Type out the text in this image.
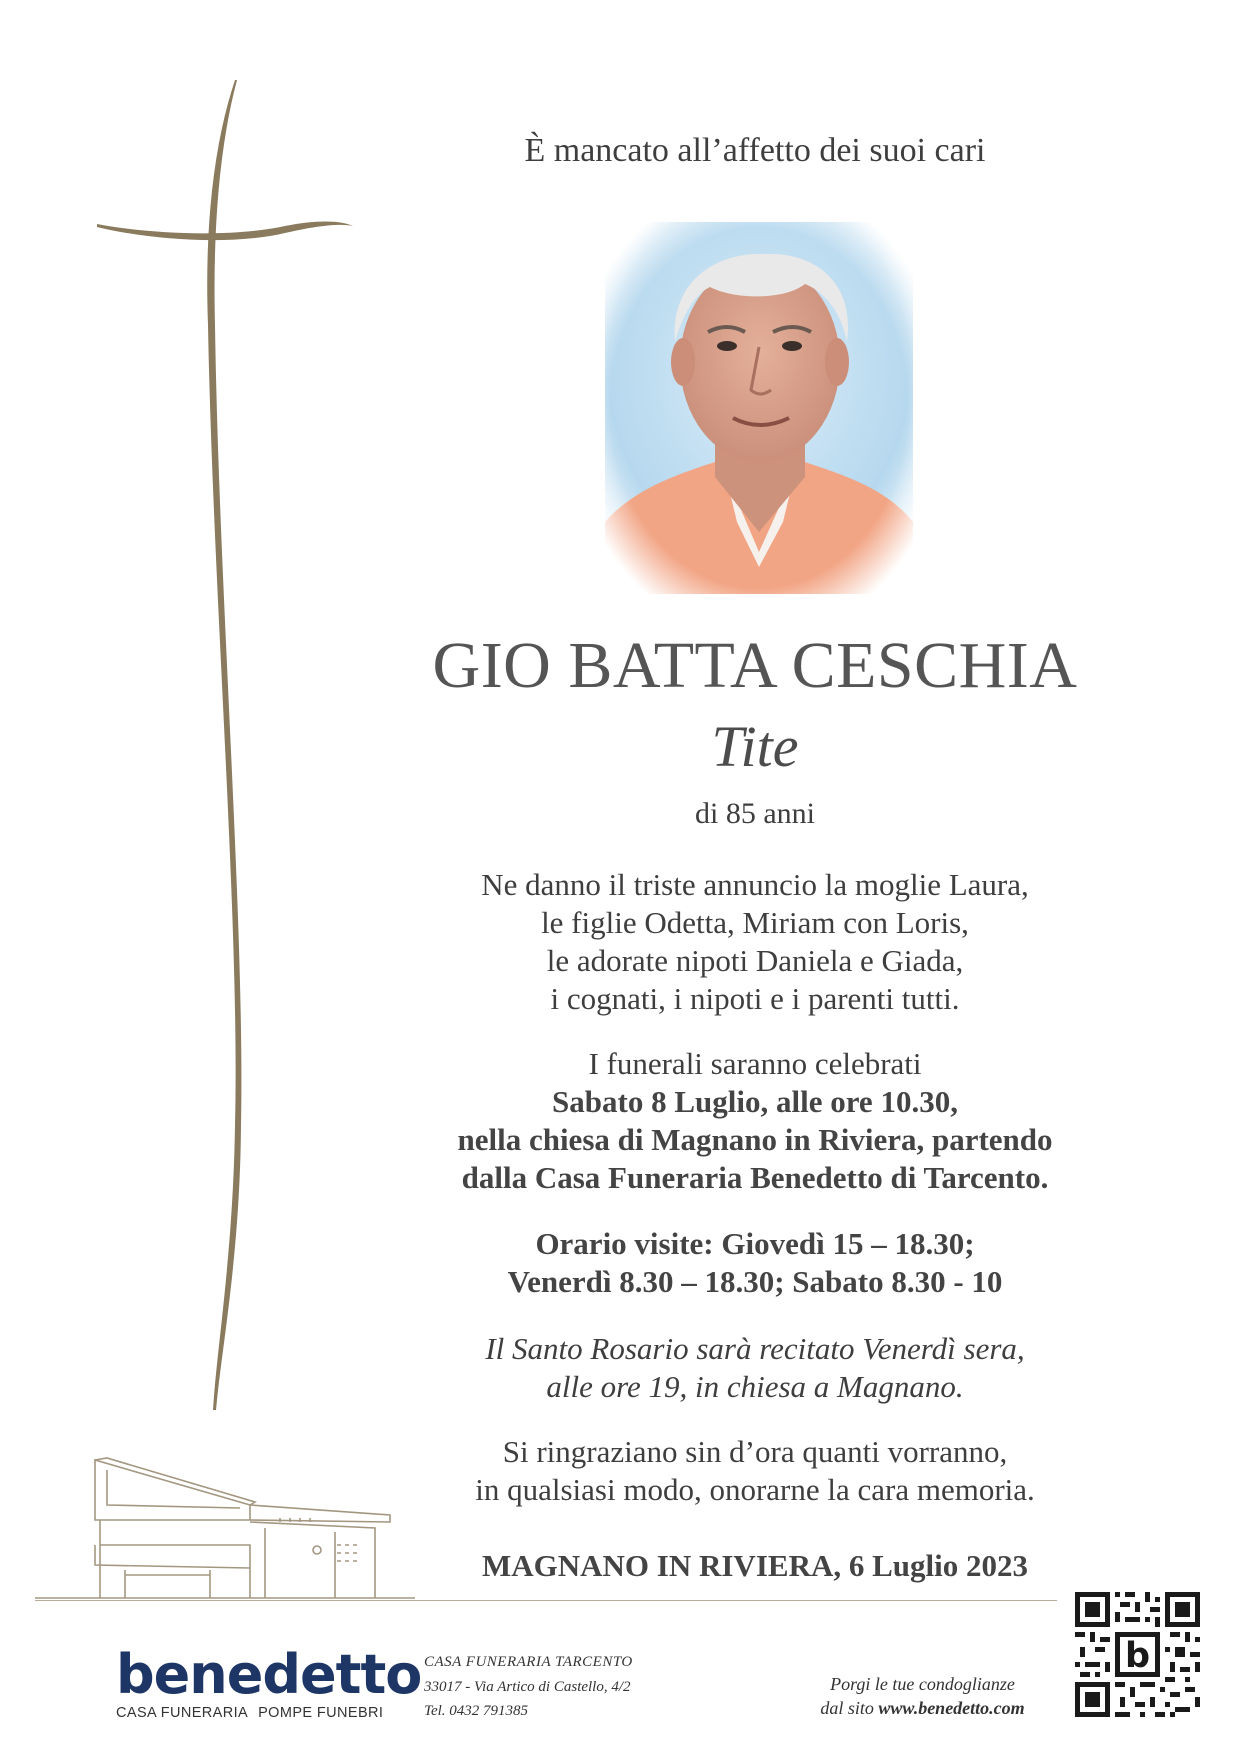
È mancato all’affetto dei suoi cari
GIO BATTA CESCHIA
Tite
di 85 anni
Ne danno il triste annuncio la moglie Laura,
le figlie Odetta, Miriam con Loris,
le adorate nipoti Daniela e Giada,
i cognati, i nipoti e i parenti tutti.
I funerali saranno celebrati
Sabato 8 Luglio, alle ore 10.30,
nella chiesa di Magnano in Riviera, partendo
dalla Casa Funeraria Benedetto di Tarcento.
Orario visite: Giovedì 15 – 18.30;
Venerdì 8.30 – 18.30; Sabato 8.30 - 10
Il Santo Rosario sarà recitato Venerdì sera,
alle ore 19, in chiesa a Magnano.
Si ringraziano sin d’ora quanti vorranno,
in qualsiasi modo, onorarne la cara memoria.
MAGNANO IN RIVIERA, 6 Luglio 2023
benedetto
CASA FUNERARIA POMPE FUNEBRI
CASA FUNERARIA TARCENTO
33017 - Via Artico di Castello, 4/2
Tel. 0432 791385
Porgi le tue condoglianze
dal sito www.benedetto.com
b
